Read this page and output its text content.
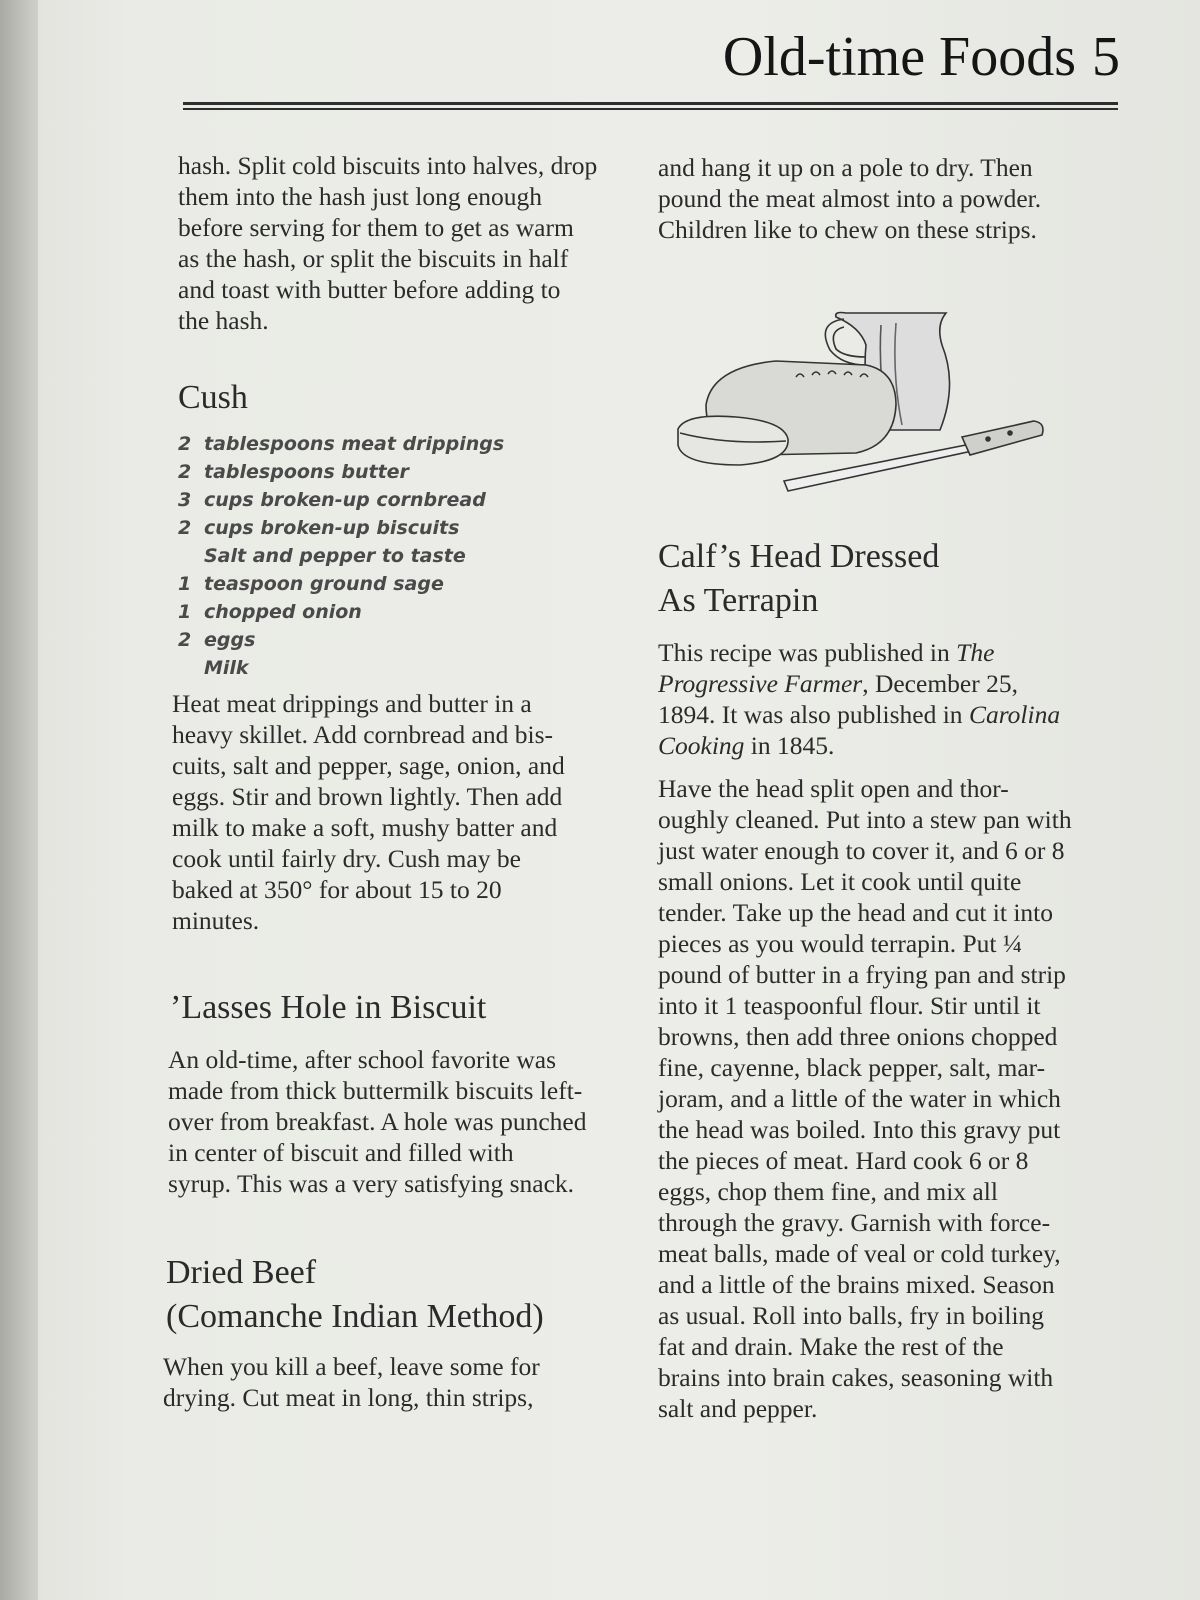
Old-time Foods 5

hash. Split cold biscuits into halves, drop
them into the hash just long enough
before serving for them to get as warm
as the hash, or split the biscuits in half
and toast with butter before adding to
the hash.

Cush
2 tablespoons meat drippings
2 tablespoons butter
3 cups broken-up cornbread
2 cups broken-up biscuits
Salt and pepper to taste
1 teaspoon ground sage
1 chopped onion
2 eggs
Milk

Heat meat drippings and butter in a
heavy skillet. Add cornbread and bis-
cuits, salt and pepper, sage, onion, and
eggs. Stir and brown lightly. Then add
milk to make a soft, mushy batter and
cook until fairly dry. Cush may be
baked at 350° for about 15 to 20
minutes.

’Lasses Hole in Biscuit

An old-time, after school favorite was
made from thick buttermilk biscuits left-
over from breakfast. A hole was punched
in center of biscuit and filled with
syrup. This was a very satisfying snack.

Dried Beef
(Comanche Indian Method)

When you kill a beef, leave some for
drying. Cut meat in long, thin strips,

and hang it up on a pole to dry. Then
pound the meat almost into a powder.
Children like to chew on these strips.

Calf’s Head Dressed
As Terrapin

This recipe was published in The
Progressive Farmer, December 25,
1894. It was also published in Carolina
Cooking in 1845.

Have the head split open and thor-
oughly cleaned. Put into a stew pan with
just water enough to cover it, and 6 or 8
small onions. Let it cook until quite
tender. Take up the head and cut it into
pieces as you would terrapin. Put ¼
pound of butter in a frying pan and strip
into it 1 teaspoonful flour. Stir until it
browns, then add three onions chopped
fine, cayenne, black pepper, salt, mar-
joram, and a little of the water in which
the head was boiled. Into this gravy put
the pieces of meat. Hard cook 6 or 8
eggs, chop them fine, and mix all
through the gravy. Garnish with force-
meat balls, made of veal or cold turkey,
and a little of the brains mixed. Season
as usual. Roll into balls, fry in boiling
fat and drain. Make the rest of the
brains into brain cakes, seasoning with
salt and pepper.
